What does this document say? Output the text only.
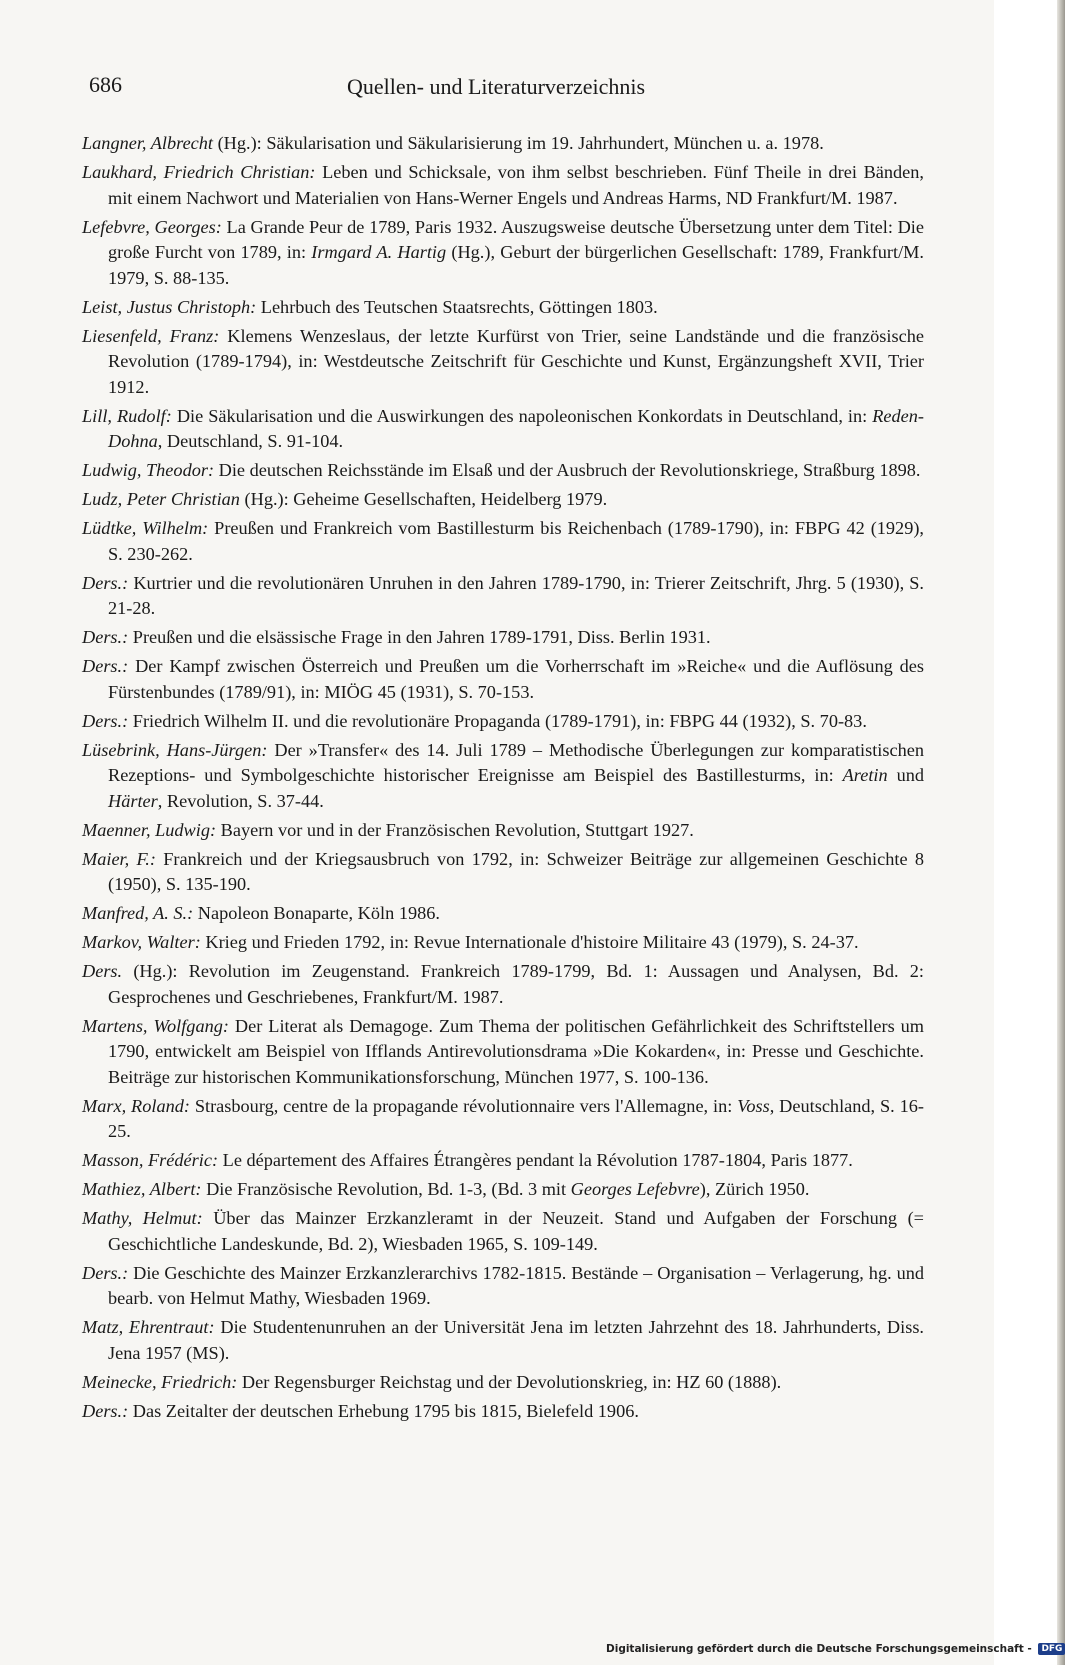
686	Quellen- und Literaturverzeichnis

Langner, Albrecht (Hg.): Säkularisation und Säkularisierung im 19. Jahrhundert, München u. a. 1978.

Laukhard, Friedrich Christian: Leben und Schicksale, von ihm selbst beschrieben. Fünf Theile in drei Bänden, mit einem Nachwort und Materialien von Hans-Werner Engels und Andreas Harms, ND Frankfurt/M. 1987.

Lefebvre, Georges: La Grande Peur de 1789, Paris 1932. Auszugsweise deutsche Übersetzung unter dem Titel: Die große Furcht von 1789, in: Irmgard A. Hartig (Hg.), Geburt der bürgerlichen Gesellschaft: 1789, Frankfurt/M. 1979, S. 88-135.

Leist, Justus Christoph: Lehrbuch des Teutschen Staatsrechts, Göttingen 1803.

Liesenfeld, Franz: Klemens Wenzeslaus, der letzte Kurfürst von Trier, seine Landstände und die französische Revolution (1789-1794), in: Westdeutsche Zeitschrift für Geschichte und Kunst, Ergänzungsheft XVII, Trier 1912.

Lill, Rudolf: Die Säkularisation und die Auswirkungen des napoleonischen Konkordats in Deutschland, in: Reden-Dohna, Deutschland, S. 91-104.

Ludwig, Theodor: Die deutschen Reichsstände im Elsaß und der Ausbruch der Revolutionskriege, Straßburg 1898.

Ludz, Peter Christian (Hg.): Geheime Gesellschaften, Heidelberg 1979.

Lüdtke, Wilhelm: Preußen und Frankreich vom Bastillesturm bis Reichenbach (1789-1790), in: FBPG 42 (1929), S. 230-262.

Ders.: Kurtrier und die revolutionären Unruhen in den Jahren 1789-1790, in: Trierer Zeitschrift, Jhrg. 5 (1930), S. 21-28.

Ders.: Preußen und die elsässische Frage in den Jahren 1789-1791, Diss. Berlin 1931.

Ders.: Der Kampf zwischen Österreich und Preußen um die Vorherrschaft im »Reiche« und die Auflösung des Fürstenbundes (1789/91), in: MIÖG 45 (1931), S. 70-153.

Ders.: Friedrich Wilhelm II. und die revolutionäre Propaganda (1789-1791), in: FBPG 44 (1932), S. 70-83.

Lüsebrink, Hans-Jürgen: Der »Transfer« des 14. Juli 1789 – Methodische Überlegungen zur komparatistischen Rezeptions- und Symbolgeschichte historischer Ereignisse am Beispiel des Bastillesturms, in: Aretin und Härter, Revolution, S. 37-44.

Maenner, Ludwig: Bayern vor und in der Französischen Revolution, Stuttgart 1927.

Maier, F.: Frankreich und der Kriegsausbruch von 1792, in: Schweizer Beiträge zur allgemeinen Geschichte 8 (1950), S. 135-190.

Manfred, A. S.: Napoleon Bonaparte, Köln 1986.

Markov, Walter: Krieg und Frieden 1792, in: Revue Internationale d'histoire Militaire 43 (1979), S. 24-37.

Ders. (Hg.): Revolution im Zeugenstand. Frankreich 1789-1799, Bd. 1: Aussagen und Analysen, Bd. 2: Gesprochenes und Geschriebenes, Frankfurt/M. 1987.

Martens, Wolfgang: Der Literat als Demagoge. Zum Thema der politischen Gefährlichkeit des Schriftstellers um 1790, entwickelt am Beispiel von Ifflands Antirevolutionsdrama »Die Kokarden«, in: Presse und Geschichte. Beiträge zur historischen Kommunikationsforschung, München 1977, S. 100-136.

Marx, Roland: Strasbourg, centre de la propagande révolutionnaire vers l'Allemagne, in: Voss, Deutschland, S. 16-25.

Masson, Frédéric: Le département des Affaires Étrangères pendant la Révolution 1787-1804, Paris 1877.

Mathiez, Albert: Die Französische Revolution, Bd. 1-3, (Bd. 3 mit Georges Lefebvre), Zürich 1950.

Mathy, Helmut: Über das Mainzer Erzkanzleramt in der Neuzeit. Stand und Aufgaben der Forschung (= Geschichtliche Landeskunde, Bd. 2), Wiesbaden 1965, S. 109-149.

Ders.: Die Geschichte des Mainzer Erzkanzlerarchivs 1782-1815. Bestände – Organisation – Verlagerung, hg. und bearb. von Helmut Mathy, Wiesbaden 1969.

Matz, Ehrentraut: Die Studentenunruhen an der Universität Jena im letzten Jahrzehnt des 18. Jahrhunderts, Diss. Jena 1957 (MS).

Meinecke, Friedrich: Der Regensburger Reichstag und der Devolutionskrieg, in: HZ 60 (1888).

Ders.: Das Zeitalter der deutschen Erhebung 1795 bis 1815, Bielefeld 1906.

Digitalisierung gefördert durch die Deutsche Forschungsgemeinschaft - DFG
